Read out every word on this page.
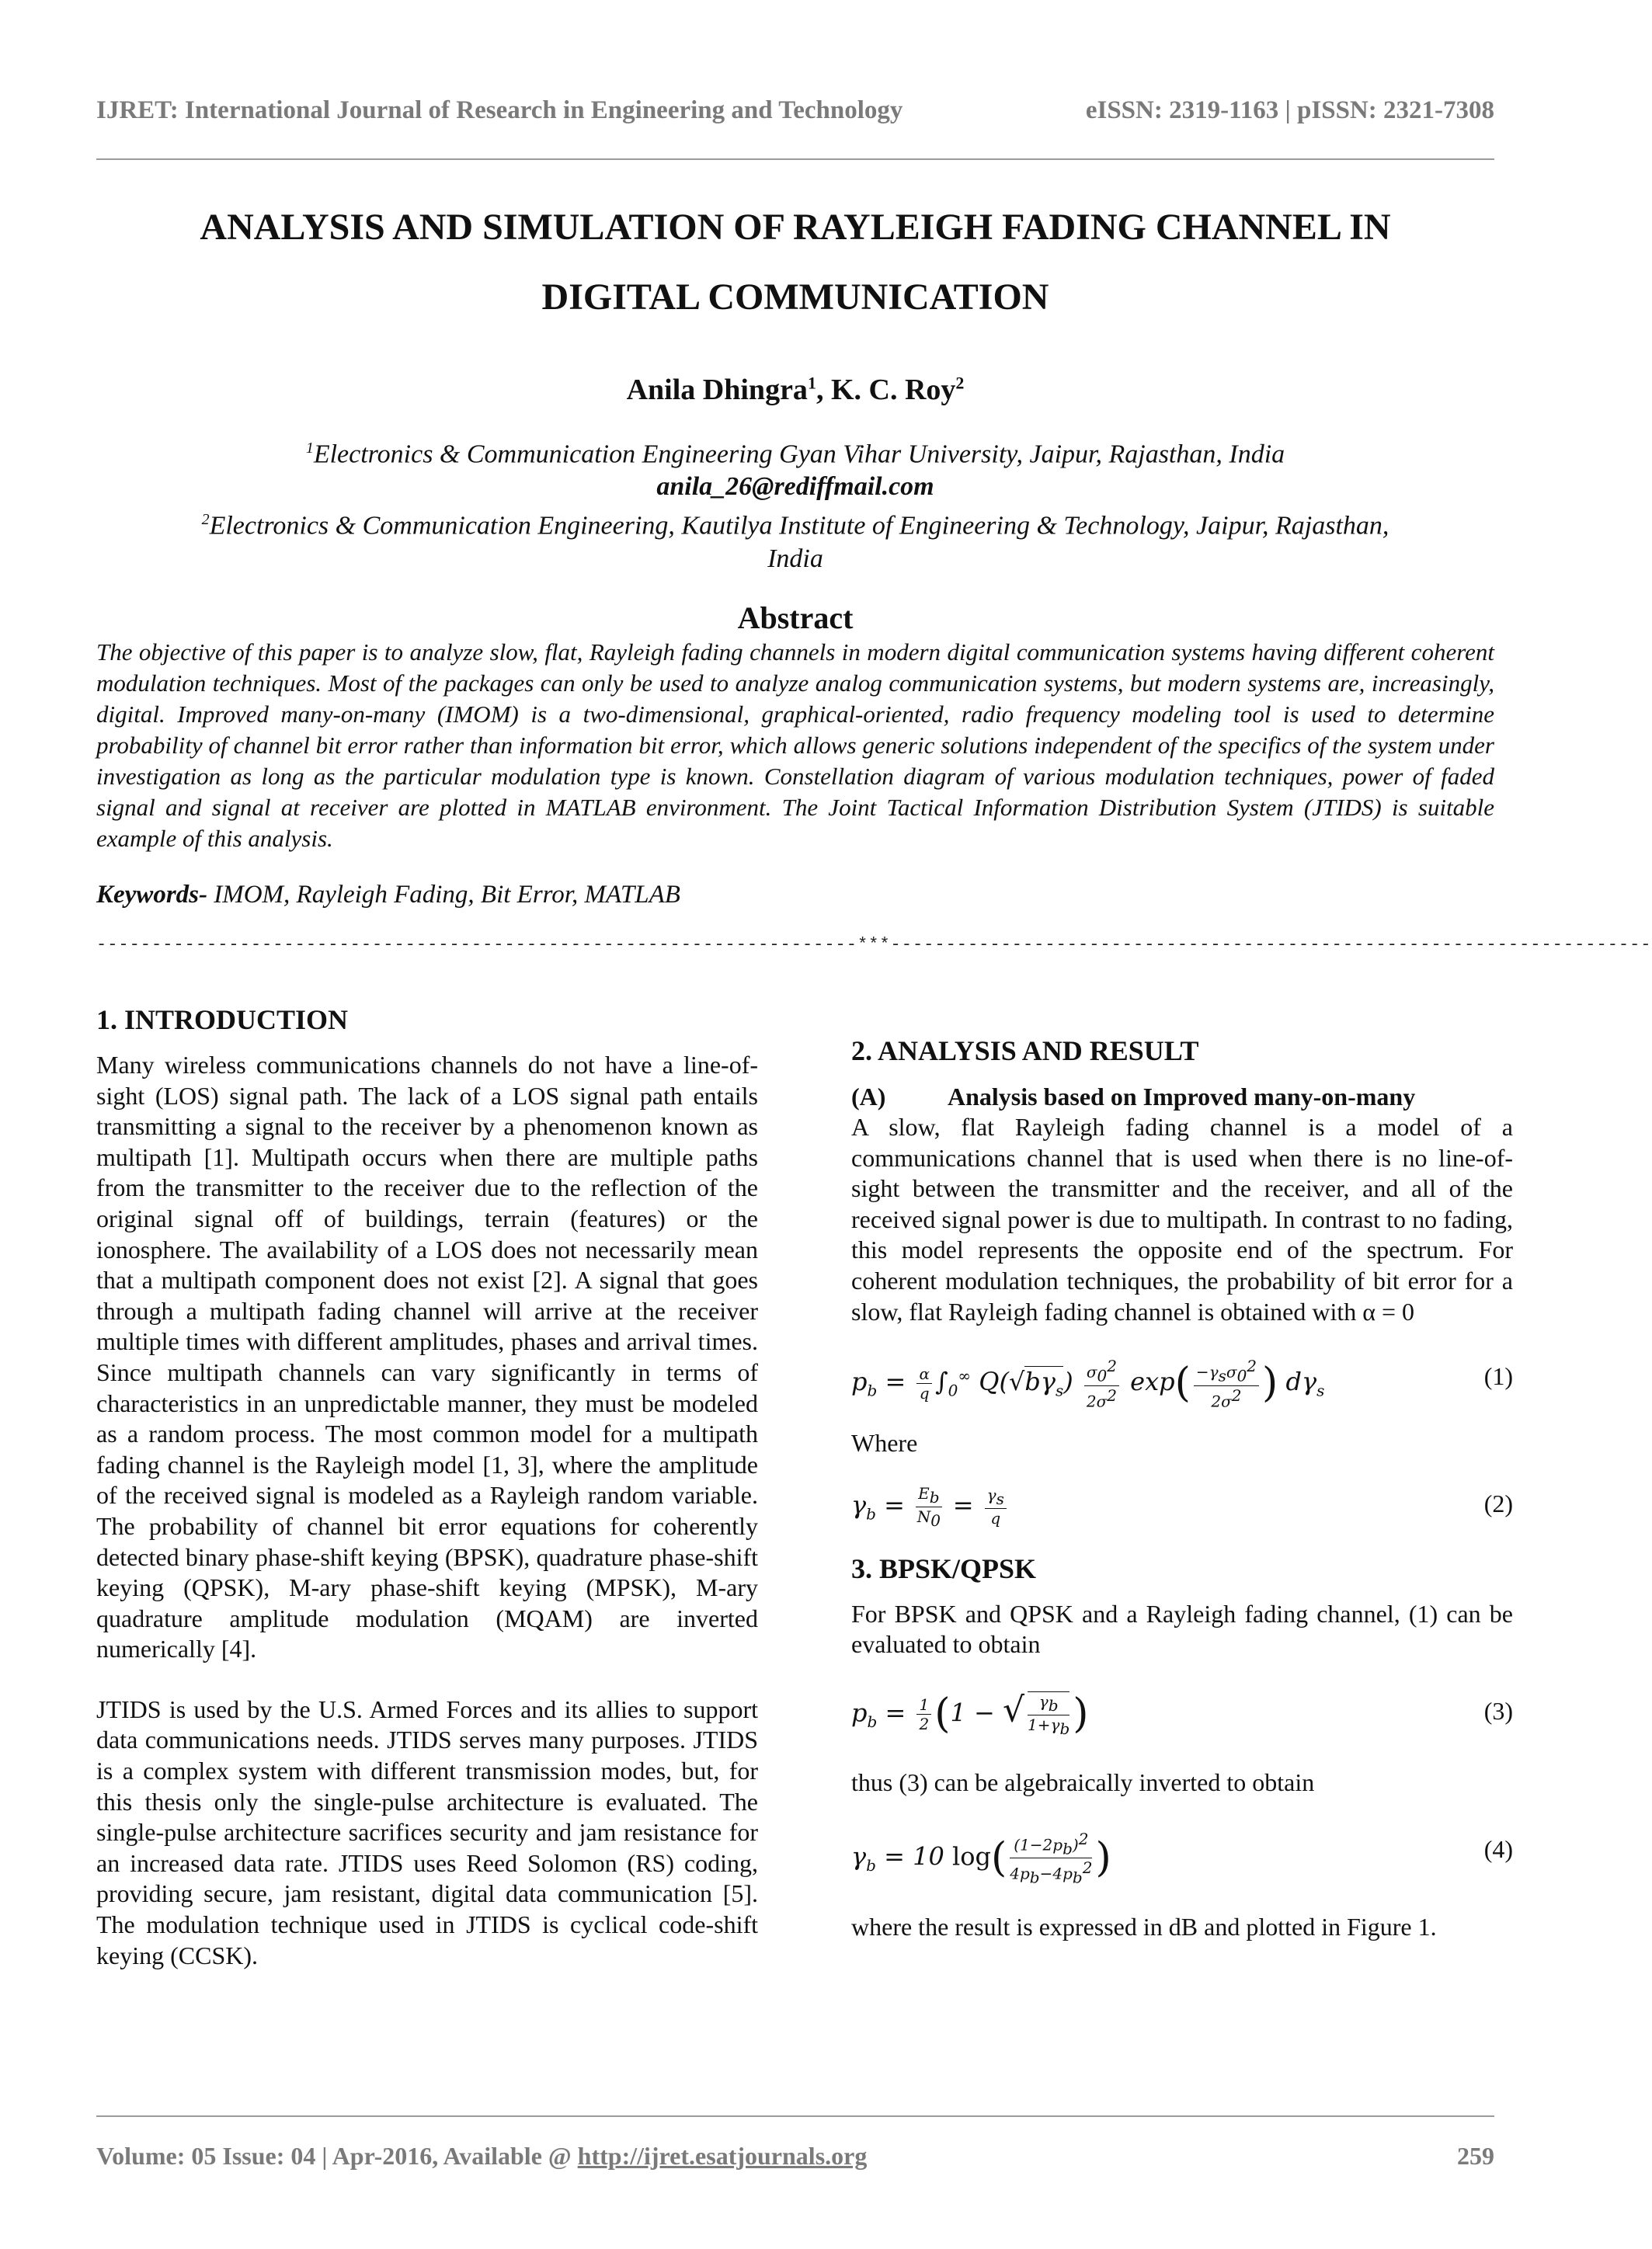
IJRET: International Journal of Research in Engineering and Technology	eISSN: 2319-1163 | pISSN: 2321-7308
ANALYSIS AND SIMULATION OF RAYLEIGH FADING CHANNEL IN
DIGITAL COMMUNICATION
Anila Dhingra$^1$, K. C. Roy$^2$
$^1$Electronics & Communication Engineering Gyan Vihar University, Jaipur, Rajasthan, India
anila_26@rediffmail.com
$^2$Electronics & Communication Engineering, Kautilya Institute of Engineering & Technology, Jaipur, Rajasthan,
India
Abstract
The objective of this paper is to analyze slow, flat, Rayleigh fading channels in modern digital communication systems having different coherent modulation techniques. Most of the packages can only be used to analyze analog communication systems, but modern systems are, increasingly, digital. Improved many-on-many (IMOM) is a two-dimensional, graphical-oriented, radio frequency modeling tool is used to determine probability of channel bit error rather than information bit error, which allows generic solutions independent of the specifics of the system under investigation as long as the particular modulation type is known. Constellation diagram of various modulation techniques, power of faded signal and signal at receiver are plotted in MATLAB environment. The Joint Tactical Information Distribution System (JTIDS) is suitable example of this analysis.
Keywords- IMOM, Rayleigh Fading, Bit Error, MATLAB
---------------------------------------------------------------------***---------------------------------------------------------------------
1. INTRODUCTION

Many wireless communications channels do not have a line-of-sight (LOS) signal path. The lack of a LOS signal path entails transmitting a signal to the receiver by a phenomenon known as multipath [1]. Multipath occurs when there are multiple paths from the transmitter to the receiver due to the reflection of the original signal off of buildings, terrain (features) or the ionosphere. The availability of a LOS does not necessarily mean that a multipath component does not exist [2]. A signal that goes through a multipath fading channel will arrive at the receiver multiple times with different amplitudes, phases and arrival times. Since multipath channels can vary significantly in terms of characteristics in an unpredictable manner, they must be modeled as a random process. The most common model for a multipath fading channel is the Rayleigh model [1, 3], where the amplitude of the received signal is modeled as a Rayleigh random variable. The probability of channel bit error equations for coherently detected binary phase-shift keying (BPSK), quadrature phase-shift keying (QPSK), M-ary phase-shift keying (MPSK), M-ary quadrature amplitude modulation (MQAM) are inverted numerically [4].

JTIDS is used by the U.S. Armed Forces and its allies to support data communications needs. JTIDS serves many purposes. JTIDS is a complex system with different transmission modes, but, for this thesis only the single-pulse architecture is evaluated. The single-pulse architecture sacrifices security and jam resistance for an increased data rate. JTIDS uses Reed Solomon (RS) coding, providing secure, jam resistant, digital data communication [5]. The modulation technique used in JTIDS is cyclical code-shift keying (CCSK).

2. ANALYSIS AND RESULT
(A) Analysis based on Improved many-on-many

A slow, flat Rayleigh fading channel is a model of a communications channel that is used when there is no line-of-sight between the transmitter and the receiver, and all of the received signal power is due to multipath. In contrast to no fading, this model represents the opposite end of the spectrum. For coherent modulation techniques, the probability of bit error for a slow, flat Rayleigh fading channel is obtained with α = 0

$p_b = \frac{\alpha}{q} \int_0^\infty$ $Q(√b\gamma_s) \frac{\sigma_0^2}{2\sigma^2} \exp( \frac{-\gamma_s\sigma_0^2}{2\sigma^2}$ ) $d\gamma_s$
(1)
Where
$\gamma_b = \frac{E_b}{N_0} = \frac{\gamma_s}{q}$	(2)
3. BPSK/QPSK

For BPSK and QPSK and a Rayleigh fading channel, (1) can be evaluated to obtain

$p_b = \frac{1}{2} (1$ − √ $\frac{\gamma_b}{1+\gamma_b}$ )	(3)

thus (3) can be algebraically inverted to obtain

$\gamma_b = 10$ $\log( \frac{(1-2p_b)^2}{4p_b-4p_b^2}$ )	(4)

where the result is expressed in dB and plotted in Figure 1.

Volume: 05 Issue: 04 | Apr-2016, Available @ http://ijret.esatjournals.org	259
